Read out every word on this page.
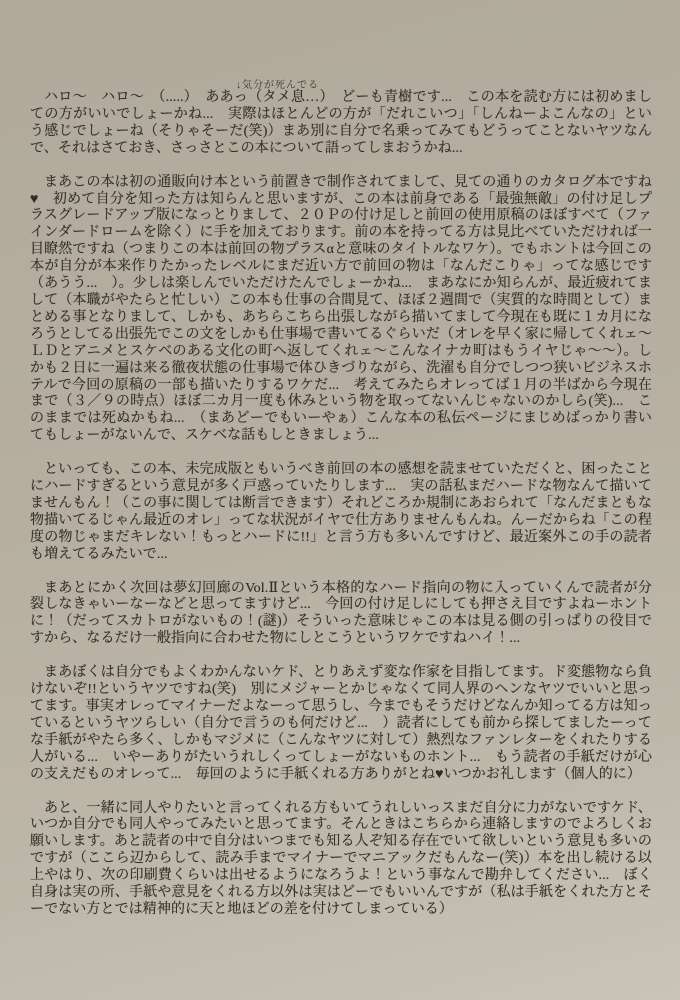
↓気分が死んでる

ハロ〜　ハロ〜　（.....）　ああっ（タメ息…）　どーも青樹です...　この本を読む方には初めましての方がいいでしょーかね...　実際はほとんどの方が「だれこいつ」「しんねーよこんなの」という感じでしょーね（そりゃそーだ(笑)）まあ別に自分で名乗ってみてもどうってことないヤツなんで、それはさておき、さっさとこの本について語ってしまおうかね...

まあこの本は初の通販向け本という前置きで制作されてまして、見ての通りのカタログ本ですね♥　初めて自分を知った方は知らんと思いますが、この本は前身である「最強無敵」の付け足しプラスグレードアップ版になっとりまして、２０Ｐの付け足しと前回の使用原稿のほぼすべて（ファインダードロームを除く）に手を加えております。前の本を持ってる方は見比べていただければ一目瞭然ですね（つまりこの本は前回の物プラスαと意味のタイトルなワケ）。でもホントは今回この本が自分が本来作りたかったレベルにまだ近い方で前回の物は「なんだこりゃ」ってな感じです（あうう...　）。少しは楽しんでいただけたんでしょーかね...　まあなにか知らんが、最近疲れてまして（本職がやたらと忙しい）この本も仕事の合間見て、ほぼ２週間で（実質的な時間として）まとめる事となりまして、しかも、あちらこちら出張しながら描いてまして今現在も既に１カ月になろうとしてる出張先でこの文をしかも仕事場で書いてるぐらいだ（オレを早く家に帰してくれェ〜ＬＤとアニメとスケベのある文化の町へ返してくれェ〜こんなイナカ町はもうイヤじゃ〜〜）。しかも２日に一遍は来る徹夜状態の仕事場で体ひきづりながら、洗濯も自分でしつつ狭いビジネスホテルで今回の原稿の一部も描いたりするワケだ...　考えてみたらオレってば１月の半ばから今現在まで（３／９の時点）ほぼ二カ月一度も休みという物を取ってないんじゃないのかしら(笑)...　このままでは死ぬかもね...　（まあどーでもいーやぁ）こんな本の私伝ページにまじめばっかり書いてもしょーがないんで、スケベな話もしときましょう...

といっても、この本、未完成版ともいうべき前回の本の感想を読ませていただくと、困ったことにハードすぎるという意見が多く戸惑っていたりします...　実の話私まだハードな物なんて描いてませんもん！（この事に関しては断言できます）それどころか規制にあおられて「なんだまともな物描いてるじゃん最近のオレ」ってな状況がイヤで仕方ありませんもんね。んーだからね「この程度の物じゃまだキレない！もっとハードに!!」と言う方も多いんですけど、最近案外この手の読者も増えてるみたいで...

まあとにかく次回は夢幻回廊のVol.Ⅱという本格的なハード指向の物に入っていくんで読者が分裂しなきゃいーなーなどと思ってますけど...　今回の付け足しにしても押さえ目ですよねーホントに！（だってスカトロがないもの！(謎)）そういった意味じゃこの本は見る側の引っぱりの役目ですから、なるだけ一般指向に合わせた物にしとこうというワケですねハイ！...

まあぼくは自分でもよくわかんないケド、とりあえず変な作家を目指してます。ド変態物なら負けないぞ!!というヤツですね(笑)　別にメジャーとかじゃなくて同人界のヘンなヤツでいいと思ってます。事実オレってマイナーだよなーって思うし、今までもそうだけどなんか知ってる方は知っているというヤツらしい（自分で言うのも何だけど...　）読者にしても前から探してましたーってな手紙がやたら多く、しかもマジメに（こんなヤツに対して）熱烈なファンレターをくれたりする人がいる...　いやーありがたいうれしくってしょーがないものホント...　もう読者の手紙だけが心の支えだものオレって...　毎回のように手紙くれる方ありがとね♥いつかお礼します（個人的に）

あと、一緒に同人やりたいと言ってくれる方もいてうれしいっスまだ自分に力がないですケド、いつか自分でも同人やってみたいと思ってます。そんときはこちらから連絡しますのでよろしくお願いします。あと読者の中で自分はいつまでも知る人ぞ知る存在でいて欲しいという意見も多いのですが（ここら辺からして、読み手までマイナーでマニアックだもんなー(笑)）本を出し続ける以上やはり、次の印刷費くらいは出せるようになろうよ！という事なんで勘弁してください...　ぼく自身は実の所、手紙や意見をくれる方以外は実はどーでもいいんですが（私は手紙をくれた方とそーでない方とでは精神的に天と地ほどの差を付けてしまっている）
